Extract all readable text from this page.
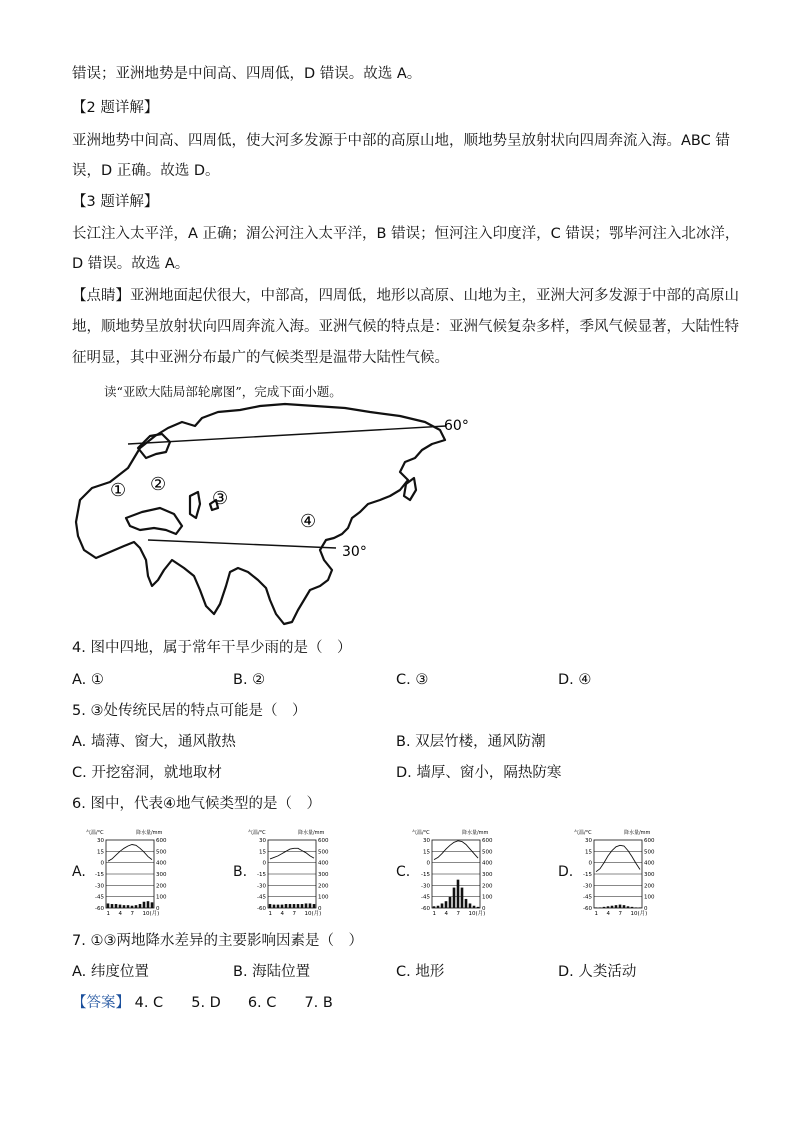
错误；亚洲地势是中间高、四周低，D 错误。故选 A。
【2 题详解】
亚洲地势中间高、四周低，使大河多发源于中部的高原山地，顺地势呈放射状向四周奔流入海。ABC 错
误，D 正确。故选 D。
【3 题详解】
长江注入太平洋，A 正确；湄公河注入太平洋，B 错误；恒河注入印度洋，C 错误；鄂毕河注入北冰洋，
D 错误。故选 A。
【点睛】亚洲地面起伏很大，中部高，四周低，地形以高原、山地为主，亚洲大河多发源于中部的高原山
地，顺地势呈放射状向四周奔流入海。亚洲气候的特点是：亚洲气候复杂多样，季风气候显著，大陆性特
征明显，其中亚洲分布最广的气候类型是温带大陆性气候。
读“亚欧大陆局部轮廓图”，完成下面小题。
60°
30°
① ②
③
④
4. 图中四地，属于常年干旱少雨的是（　）
A. ①	B. ②	C. ③	D. ④
5. ③处传统民居的特点可能是（　）
A. 墙薄、窗大，通风散热	B. 双层竹楼，通风防潮
C. 开挖窑洞，就地取材	D. 墙厚、窗小，隔热防寒
6. 图中，代表④地气候类型的是（　）
A.	B.	C.	D.
30	600
15	500
0	400
-15	300
-30	200
-45	100
-60	0
气温/°C	降水量/mm
1 4 7 10(月)
30	600
15	500
0	400
-15	300
-30	200
-45	100
-60	0
气温/°C	降水量/mm
1 4 7 10(月)
30	600
15	500
0	400
-15	300
-30	200
-45	100
-60	0
气温/°C	降水量/mm
1 4 7 10(月)
30	600
15	500
0	400
-15	300
-30	200
-45	100
-60	0
气温/°C	降水量/mm
1 4 7 10(月)
7. ①③两地降水差异的主要影响因素是（　）
A. 纬度位置	B. 海陆位置	C. 地形	D. 人类活动
【答案】 4. C 5. D 6. C 7. B
